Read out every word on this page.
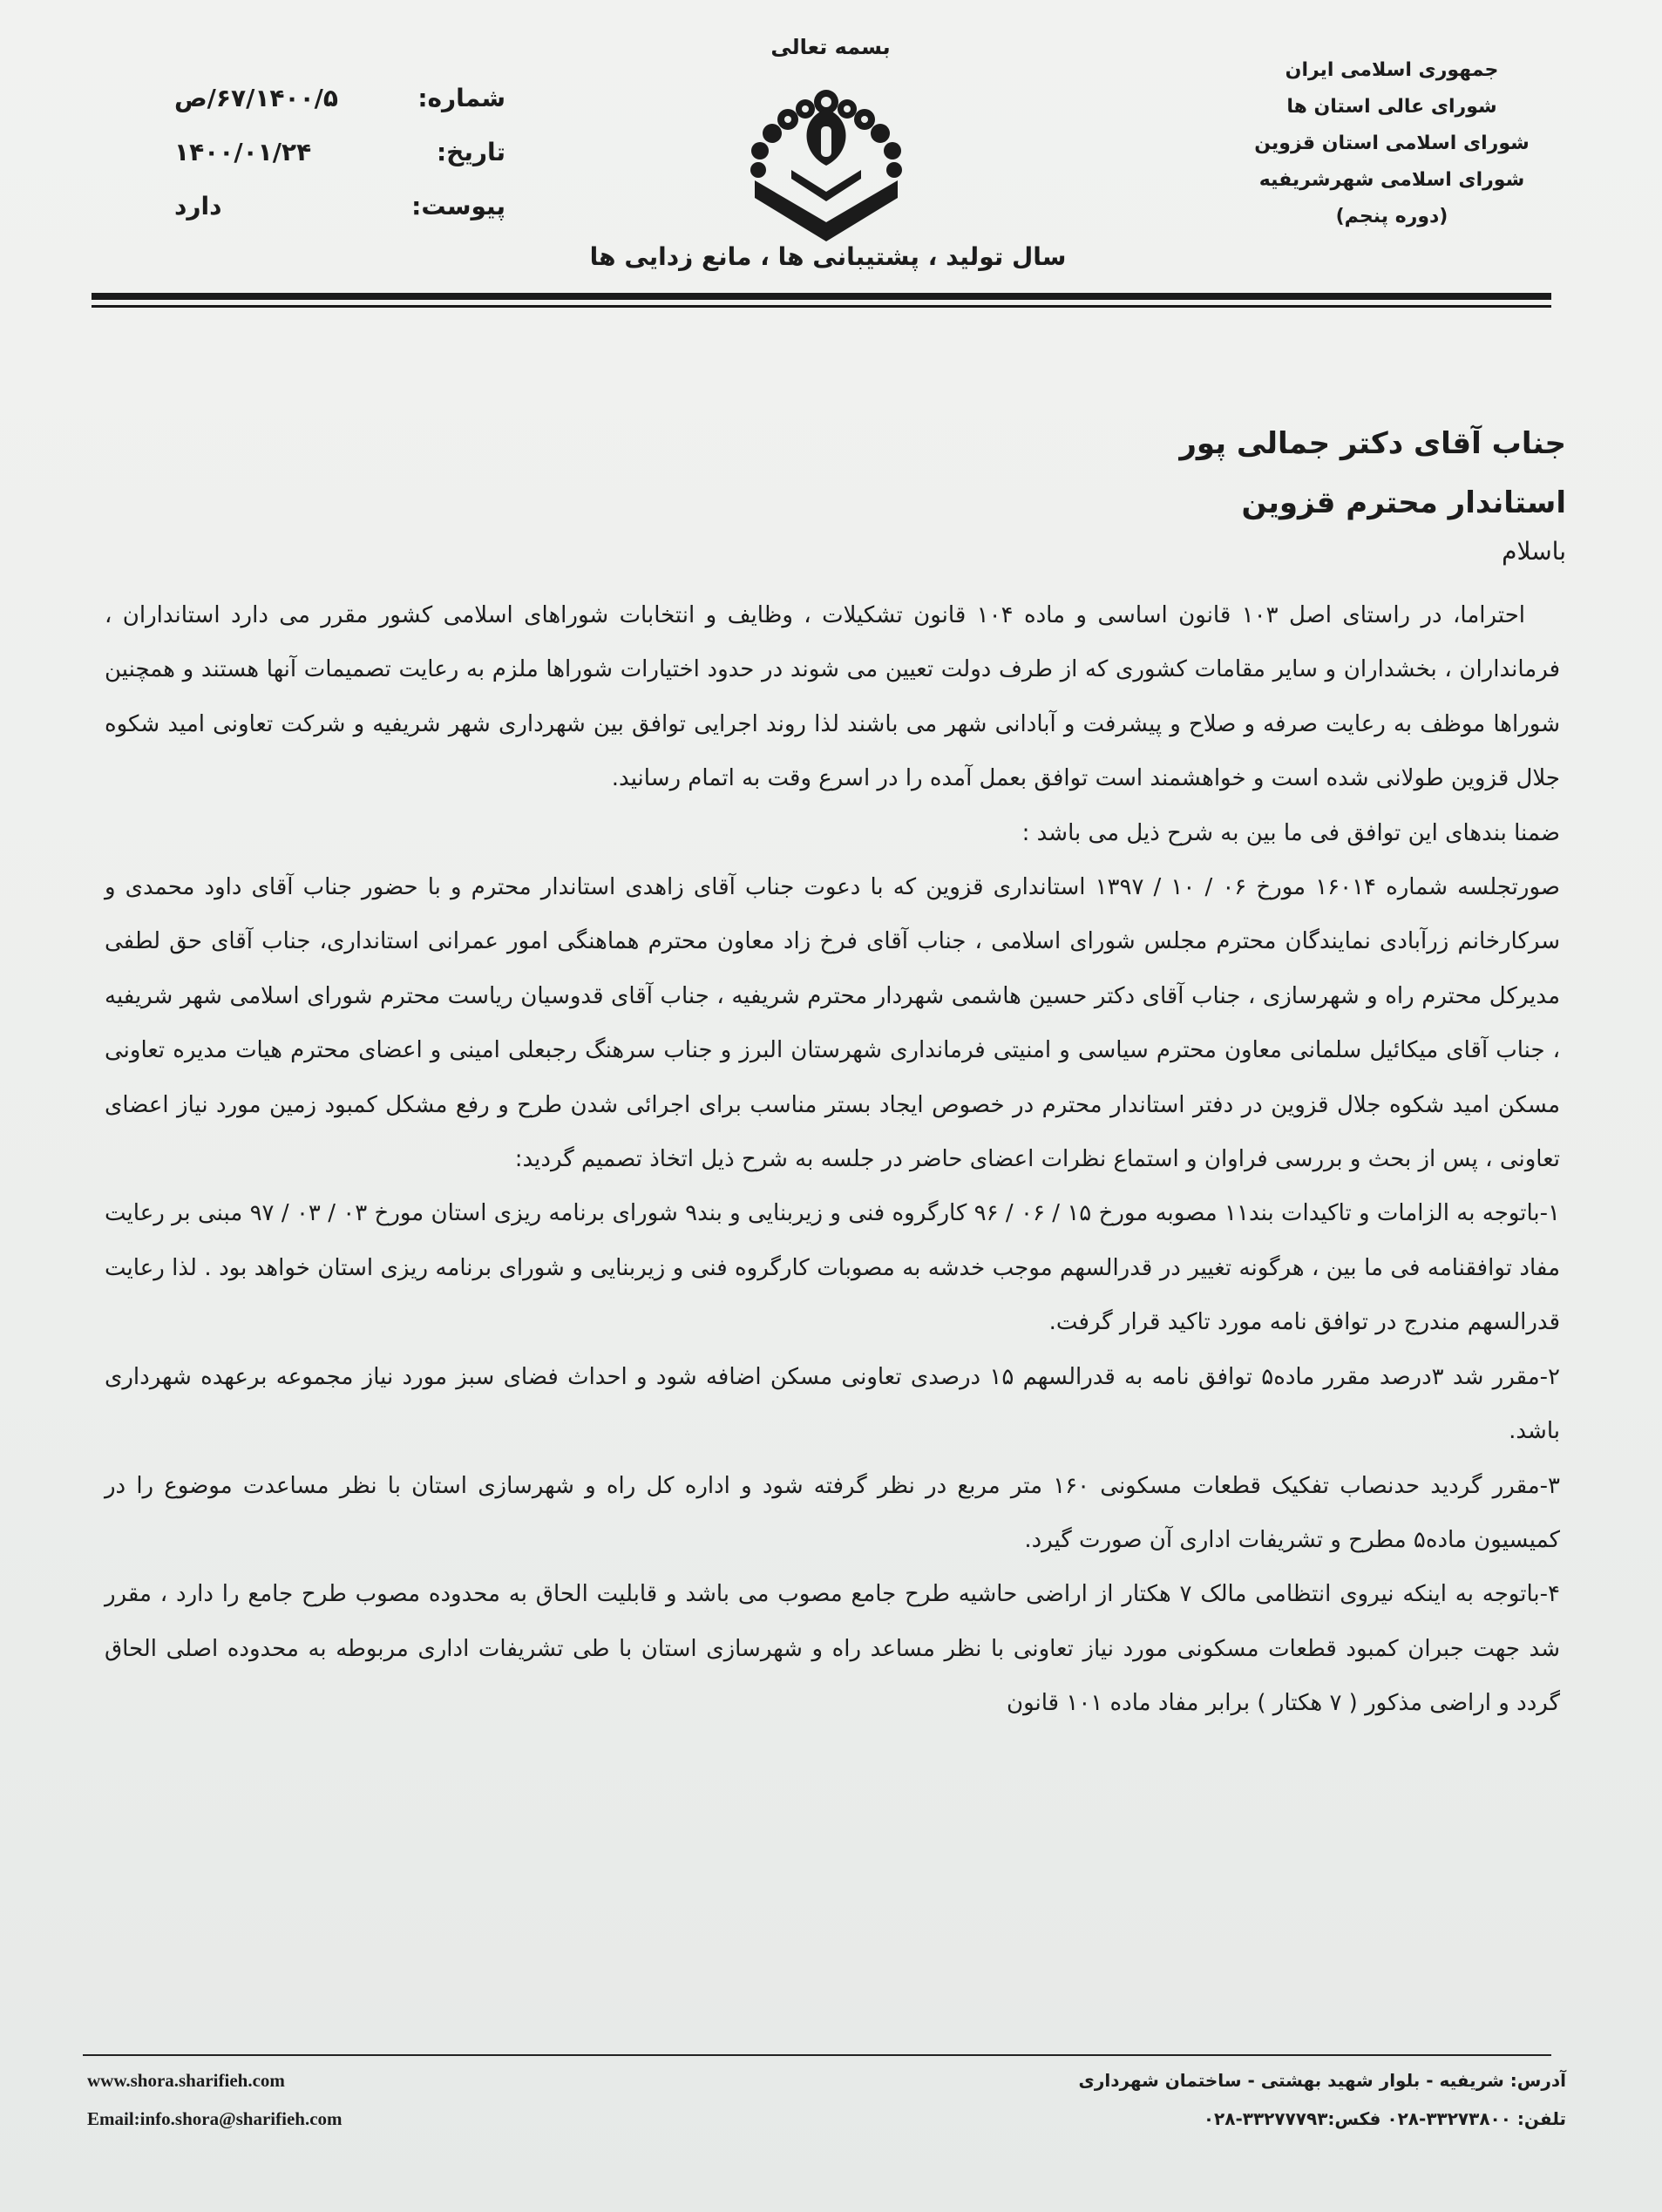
جمهوری اسلامی ایران
شورای عالی استان ها
شورای اسلامی استان قزوین
شورای اسلامی شهرشریفیه
(دوره پنجم)
بسمه تعالی
شماره:
۶۷/۱۴۰۰/۵/ص
تاریخ:
۱۴۰۰/۰۱/۲۴
پیوست:
دارد
سال تولید ، پشتیبانی ها ، مانع زدایی ها
جناب آقای دکتر جمالی پور
استاندار محترم قزوین
باسلام

احتراما، در راستای اصل ۱۰۳ قانون اساسی و ماده ۱۰۴ قانون تشکیلات ، وظایف و انتخابات شوراهای اسلامی کشور مقرر می دارد استانداران ، فرمانداران ، بخشداران و سایر مقامات کشوری که از طرف دولت تعیین می شوند در حدود اختیارات شوراها ملزم به رعایت تصمیمات آنها هستند و همچنین شوراها موظف به رعایت صرفه و صلاح و پیشرفت و آبادانی شهر می باشند لذا روند اجرایی توافق بین شهرداری شهر شریفیه و شرکت تعاونی امید شکوه جلال قزوین طولانی شده است و خواهشمند است توافق بعمل آمده را در اسرع وقت به اتمام رسانید.

ضمنا بندهای این توافق فی ما بین به شرح ذیل می باشد :

صورتجلسه شماره ۱۶۰۱۴ مورخ ۰۶ / ۱۰ / ۱۳۹۷ استانداری قزوین که با دعوت جناب آقای زاهدی استاندار محترم و با حضور جناب آقای داود محمدی و سرکارخانم زرآبادی نمایندگان محترم مجلس شورای اسلامی ، جناب آقای فرخ زاد معاون محترم هماهنگی امور عمرانی استانداری، جناب آقای حق لطفی مدیرکل محترم راه و شهرسازی ، جناب آقای دکتر حسین هاشمی شهردار محترم شریفیه ، جناب آقای قدوسیان ریاست محترم شورای اسلامی شهر شریفیه ، جناب آقای میکائیل سلمانی معاون محترم سیاسی و امنیتی فرمانداری شهرستان البرز و جناب سرهنگ رجبعلی امینی و اعضای محترم هیات مدیره تعاونی مسکن امید شکوه جلال قزوین در دفتر استاندار محترم در خصوص ایجاد بستر مناسب برای اجرائی شدن طرح و رفع مشکل کمبود زمین مورد نیاز اعضای تعاونی ، پس از بحث و بررسی فراوان و استماع نظرات اعضای حاضر در جلسه به شرح ذیل اتخاذ تصمیم گردید:

۱-باتوجه به الزامات و تاکیدات بند۱۱ مصوبه مورخ ۱۵ / ۰۶ / ۹۶ کارگروه فنی و زیربنایی و بند۹ شورای برنامه ریزی استان مورخ ۰۳ / ۰۳ / ۹۷ مبنی بر رعایت مفاد توافقنامه فی ما بین ، هرگونه تغییر در قدرالسهم موجب خدشه به مصوبات کارگروه فنی و زیربنایی و شورای برنامه ریزی استان خواهد بود . لذا رعایت قدرالسهم مندرج در توافق نامه مورد تاکید قرار گرفت.

۲-مقرر شد ۳درصد مقرر ماده۵ توافق نامه به قدرالسهم ۱۵ درصدی تعاونی مسکن اضافه شود و احداث فضای سبز مورد نیاز مجموعه برعهده شهرداری باشد.

۳-مقرر گردید حدنصاب تفکیک قطعات مسکونی ۱۶۰ متر مربع در نظر گرفته شود و اداره کل راه و شهرسازی استان با نظر مساعدت موضوع را در کمیسیون ماده۵ مطرح و تشریفات اداری آن صورت گیرد.

۴-باتوجه به اینکه نیروی انتظامی مالک ۷ هکتار از اراضی حاشیه طرح جامع مصوب می باشد و قابلیت الحاق به محدوده مصوب طرح جامع را دارد ، مقرر شد جهت جبران کمبود قطعات مسکونی مورد نیاز تعاونی با نظر مساعد راه و شهرسازی استان با طی تشریفات اداری مربوطه به محدوده اصلی الحاق گردد و اراضی مذکور ( ۷ هکتار ) برابر مفاد ماده ۱۰۱ قانون

www.shora.sharifieh.com
Email:info.shora@sharifieh.com
آدرس: شریفیه - بلوار شهید بهشتی - ساختمان شهرداری
تلفن: ۳۳۲۷۳۸۰۰-۰۲۸ فکس:۳۳۲۷۷۷۹۳-۰۲۸
